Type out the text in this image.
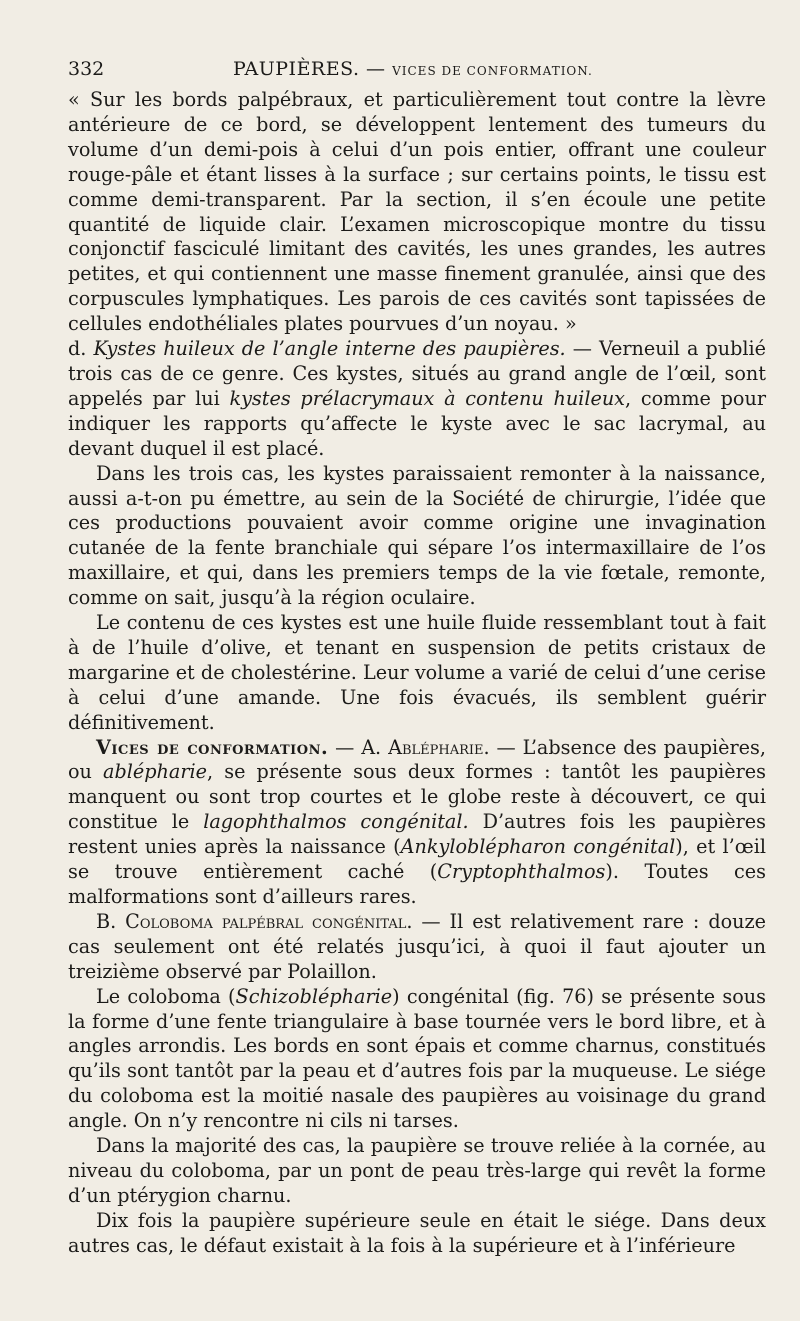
332	PAUPIÈRES. — VICES DE CONFORMATION.

« Sur les bords palpébraux, et particulièrement tout contre la lèvre antérieure de ce bord, se développent lentement des tumeurs du volume d’un demi-pois à celui d’un pois entier, offrant une couleur rouge-pâle et étant lisses à la surface ; sur certains points, le tissu est comme demi-transparent. Par la section, il s’en écoule une petite quantité de liquide clair. L’examen microscopique montre du tissu conjonctif fasciculé limitant des cavités, les unes grandes, les autres petites, et qui contiennent une masse finement granulée, ainsi que des corpuscules lymphatiques. Les parois de ces cavités sont tapissées de cellules endothéliales plates pourvues d’un noyau. »

d. Kystes huileux de l’angle interne des paupières. — Verneuil a publié trois cas de ce genre. Ces kystes, situés au grand angle de l’œil, sont appelés par lui kystes prélacrymaux à contenu huileux, comme pour indiquer les rapports qu’affecte le kyste avec le sac lacrymal, au devant duquel il est placé.

Dans les trois cas, les kystes paraissaient remonter à la naissance, aussi a-t-on pu émettre, au sein de la Société de chirurgie, l’idée que ces productions pouvaient avoir comme origine une invagination cutanée de la fente branchiale qui sépare l’os intermaxillaire de l’os maxillaire, et qui, dans les premiers temps de la vie fœtale, remonte, comme on sait, jusqu’à la région oculaire.

Le contenu de ces kystes est une huile fluide ressemblant tout à fait à de l’huile d’olive, et tenant en suspension de petits cristaux de margarine et de cholestérine. Leur volume a varié de celui d’une cerise à celui d’une amande. Une fois évacués, ils semblent guérir définitivement.

Vices de conformation. — A. Ablépharie. — L’absence des paupières, ou ablépharie, se présente sous deux formes : tantôt les paupières manquent ou sont trop courtes et le globe reste à découvert, ce qui constitue le lagophthalmos congénital. D’autres fois les paupières restent unies après la naissance (Ankyloblépharon congénital), et l’œil se trouve entièrement caché (Cryptophthalmos). Toutes ces malformations sont d’ailleurs rares.

B. Coloboma palpébral congénital. — Il est relativement rare : douze cas seulement ont été relatés jusqu’ici, à quoi il faut ajouter un treizième observé par Polaillon.

Le coloboma (Schizoblépharie) congénital (fig. 76) se présente sous la forme d’une fente triangulaire à base tournée vers le bord libre, et à angles arrondis. Les bords en sont épais et comme charnus, constitués qu’ils sont tantôt par la peau et d’autres fois par la muqueuse. Le siége du coloboma est la moitié nasale des paupières au voisinage du grand angle. On n’y rencontre ni cils ni tarses.

Dans la majorité des cas, la paupière se trouve reliée à la cornée, au niveau du coloboma, par un pont de peau très-large qui revêt la forme d’un ptérygion charnu.

Dix fois la paupière supérieure seule en était le siége. Dans deux autres cas, le défaut existait à la fois à la supérieure et à l’inférieure
